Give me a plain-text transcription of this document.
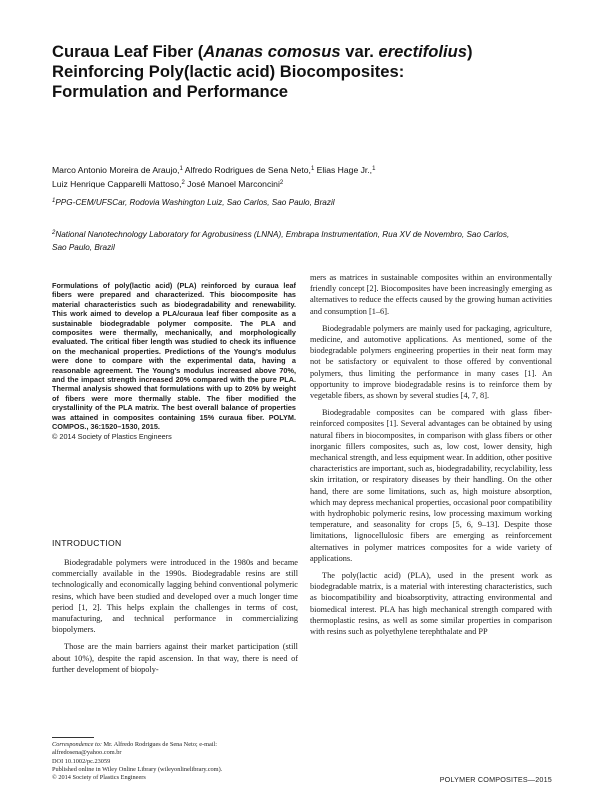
Curaua Leaf Fiber (Ananas comosus var. erectifolius)
Reinforcing Poly(lactic acid) Biocomposites:
Formulation and Performance
Marco Antonio Moreira de Araujo,$^1$ Alfredo Rodrigues de Sena Neto,$^1$ Elias Hage Jr.,$^1$
Luiz Henrique Capparelli Mattoso,$^2$ José Manoel Marconcini$^2$
$^1$PPG-CEM/UFSCar, Rodovia Washington Luiz, Sao Carlos, Sao Paulo, Brazil
$^2$National Nanotechnology Laboratory for Agrobusiness (LNNA), Embrapa Instrumentation, Rua XV de Novembro, Sao Carlos, Sao Paulo, Brazil
Formulations of poly(lactic acid) (PLA) reinforced by curaua leaf fibers were prepared and characterized. This biocomposite has material characteristics such as biodegradability and renewability. This work aimed to develop a PLA/curaua leaf fiber composite as a sustainable biodegradable polymer composite. The PLA and composites were thermally, mechanically, and morphologically evaluated. The critical fiber length was studied to check its influence on the mechanical properties. Predictions of the Young's modulus were done to compare with the experimental data, having a reasonable agreement. The Young's modulus increased above 70%, and the impact strength increased 20% compared with the pure PLA. Thermal analysis showed that formulations with up to 20% by weight of fibers were more thermally stable. The fiber modified the crystallinity of the PLA matrix. The best overall balance of properties was attained in composites containing 15% curaua fiber. POLYM. COMPOS., 36:1520–1530, 2015.
© 2014 Society of Plastics Engineers
INTRODUCTION

Biodegradable polymers were introduced in the 1980s and became commercially available in the 1990s. Biodegradable resins are still technologically and economically lagging behind conventional polymeric resins, which have been studied and developed over a much longer time period [1, 2]. This helps explain the challenges in terms of cost, manufacturing, and technical performance in commercializing biopolymers.

Those are the main barriers against their market participation (still about 10%), despite the rapid ascension. In that way, there is need of further development of biopoly-

mers as matrices in sustainable composites within an environmentally friendly concept [2]. Biocomposites have been increasingly emerging as alternatives to reduce the effects caused by the growing human activities and consumption [1–6].

Biodegradable polymers are mainly used for packaging, agriculture, medicine, and automotive applications. As mentioned, some of the biodegradable polymers engineering properties in their neat form may not be satisfactory or equivalent to those offered by conventional polymers, thus limiting the performance in many cases [1]. An opportunity to improve biodegradable resins is to reinforce them by vegetable fibers, as shown by several studies [4, 7, 8].

Biodegradable composites can be compared with glass fiber-reinforced composites [1]. Several advantages can be obtained by using natural fibers in biocomposites, in comparison with glass fibers or other inorganic fillers composites, such as, low cost, lower density, high mechanical strength, and less equipment wear. In addition, other positive characteristics are important, such as, biodegradability, recyclability, less skin irritation, or respiratory diseases by their handling. On the other hand, there are some limitations, such as, high moisture absorption, which may depress mechanical properties, occasional poor compatibility with hydrophobic polymeric resins, low processing maximum working temperature, and seasonality for crops [5, 6, 9–13]. Despite those limitations, lignocellulosic fibers are emerging as reinforcement alternatives in polymer matrices composites for a wide variety of applications.

The poly(lactic acid) (PLA), used in the present work as biodegradable matrix, is a material with interesting characteristics, such as biocompatibility and bioabsorptivity, attracting environmental and biomedical interest. PLA has high mechanical strength compared with thermoplastic resins, as well as some similar properties in comparison with resins such as polyethylene terephthalate and PP

Correspondence to: Mr. Alfredo Rodrigues de Sena Neto; e-mail:
alfredosena@yahoo.com.br
DOI 10.1002/pc.23059
Published online in Wiley Online Library (wileyonlinelibrary.com).
© 2014 Society of Plastics Engineers	POLYMER COMPOSITES—2015
